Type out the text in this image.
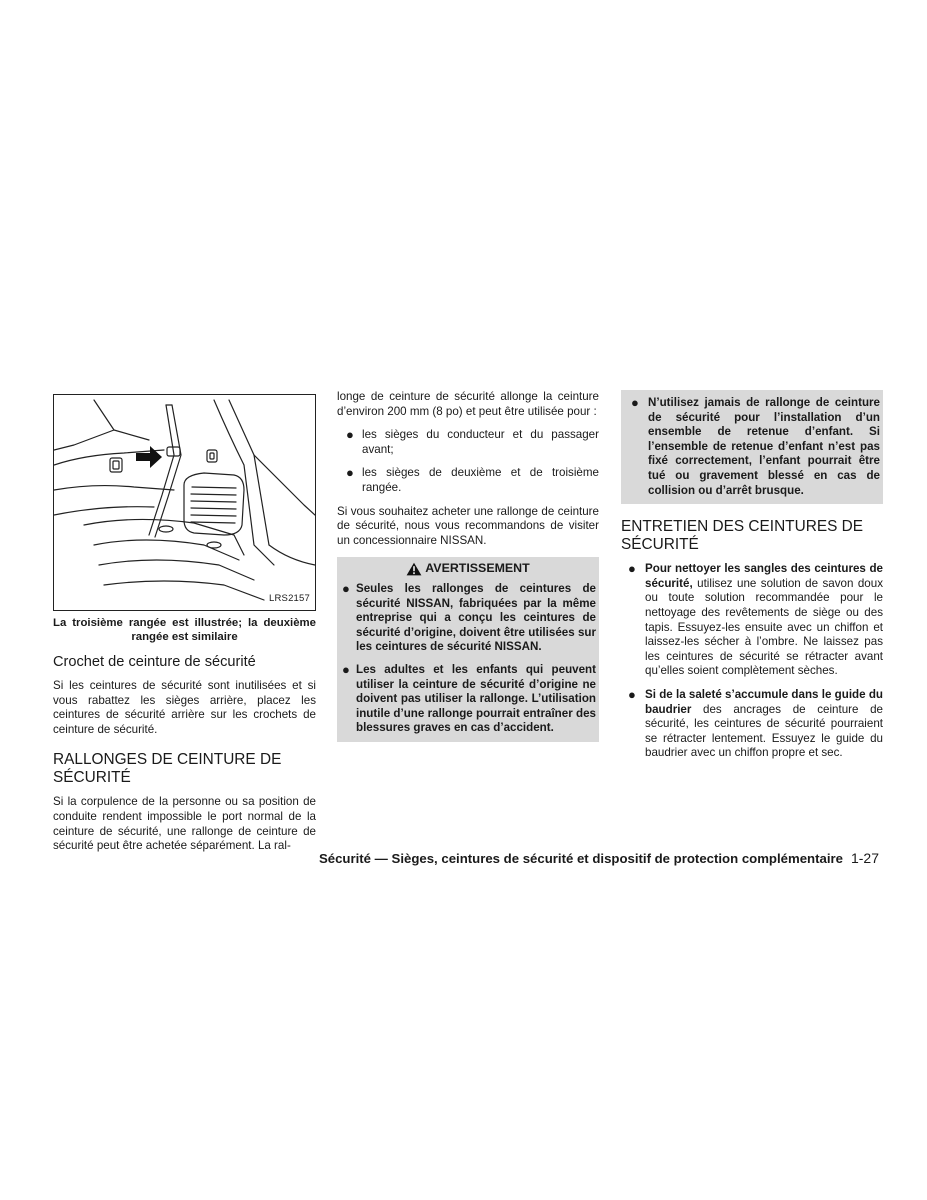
LRS2157
La troisième rangée est illustrée; la deuxième rangée est similaire
Crochet de ceinture de sécurité

Si les ceintures de sécurité sont inutilisées et si vous rabattez les sièges arrière, placez les ceintures de sécurité arrière sur les crochets de ceinture de sécurité.

RALLONGES DE CEINTURE DE SÉCURITÉ

Si la corpulence de la personne ou sa position de conduite rendent impossible le port normal de la ceinture de sécurité, une rallonge de ceinture de sécurité peut être achetée séparément. La ral-

longe de ceinture de sécurité allonge la ceinture d’environ 200 mm (8 po) et peut être utilisée pour :

● les sièges du conducteur et du passager avant;
● les sièges de deuxième et de troisième rangée.

Si vous souhaitez acheter une rallonge de ceinture de sécurité, nous vous recommandons de visiter un concessionnaire NISSAN.

AVERTISSEMENT
● Seules les rallonges de ceintures de sécurité NISSAN, fabriquées par la même entreprise qui a conçu les ceintures de sécurité d’origine, doivent être utilisées sur les ceintures de sécurité NISSAN.
● Les adultes et les enfants qui peuvent utiliser la ceinture de sécurité d’origine ne doivent pas utiliser la rallonge. L’utilisation inutile d’une rallonge pourrait entraîner des blessures graves en cas d’accident.
● N’utilisez jamais de rallonge de ceinture de sécurité pour l’installation d’un ensemble de retenue d’enfant. Si l’ensemble de retenue d’enfant n’est pas fixé correctement, l’enfant pourrait être tué ou gravement blessé en cas de collision ou d’arrêt brusque.
ENTRETIEN DES CEINTURES DE SÉCURITÉ
● Pour nettoyer les sangles des ceintures de sécurité, utilisez une solution de savon doux ou toute solution recommandée pour le nettoyage des revêtements de siège ou des tapis. Essuyez-les ensuite avec un chiffon et laissez-les sécher à l’ombre. Ne laissez pas les ceintures de sécurité se rétracter avant qu’elles soient complètement sèches.
● Si de la saleté s’accumule dans le guide du baudrier des ancrages de ceinture de sécurité, les ceintures de sécurité pourraient se rétracter lentement. Essuyez le guide du baudrier avec un chiffon propre et sec.
Sécurité — Sièges, ceintures de sécurité et dispositif de protection complémentaire 1-27
